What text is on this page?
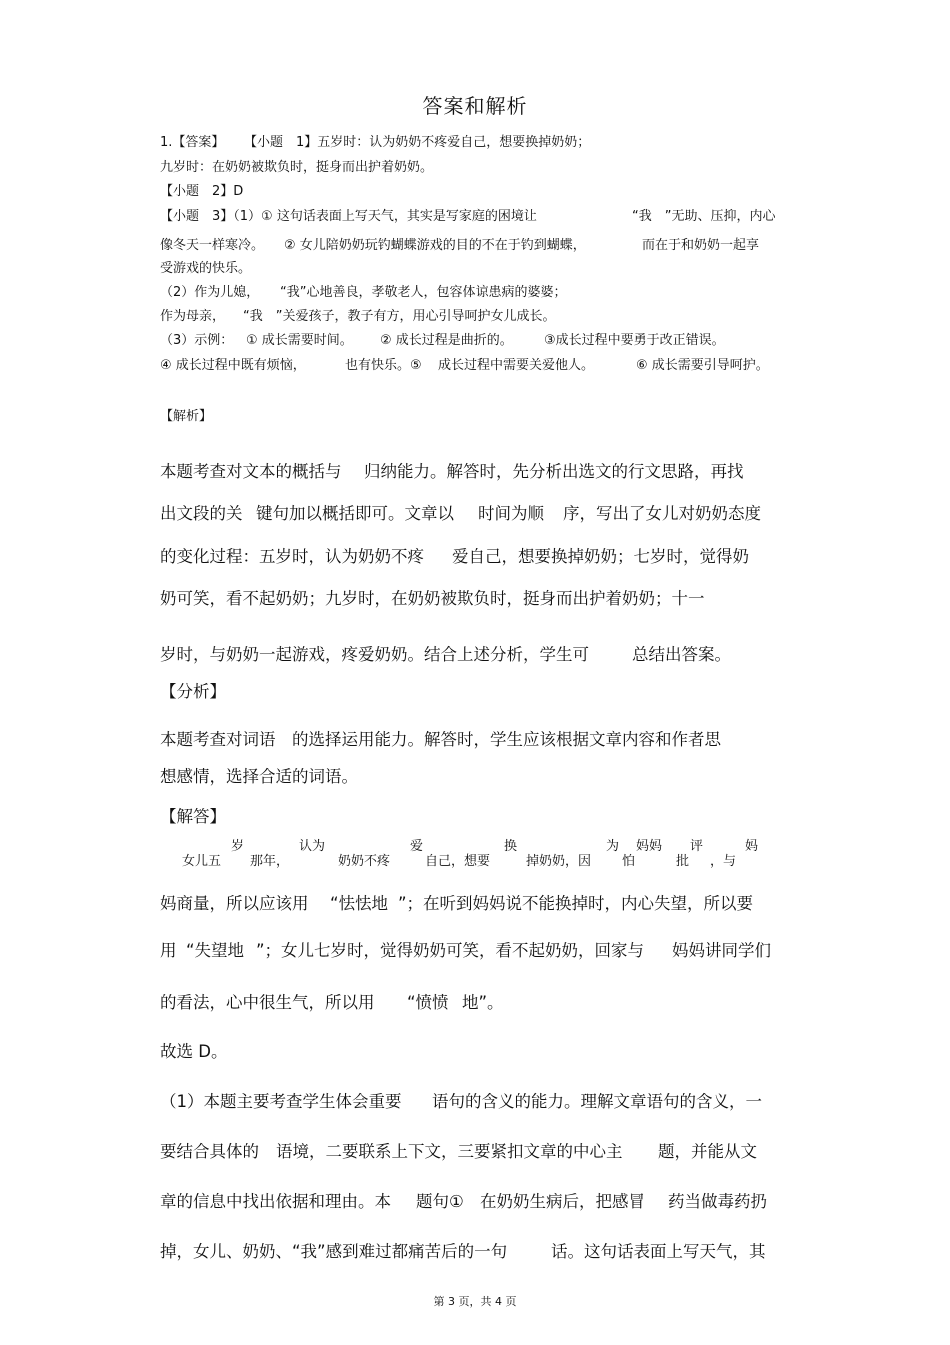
答案和解析
1.【答案】 【小题　1】五岁时：认为奶奶不疼爱自己，想要换掉奶奶；
九岁时：在奶奶被欺负时，挺身而出护着奶奶。
【小题　2】D
【小题　3】（1）① 这句话表面上写天气，其实是写家庭的困境让	“我　”无助、压抑，内心
像冬天一样寒冷。 ② 女儿陪奶奶玩钓蝴蝶游戏的目的不在于钓到蝴蝶，	而在于和奶奶一起享
受游戏的快乐。
（2）作为儿媳， “我”心地善良，孝敬老人，包容体谅患病的婆婆；
作为母亲， “我　”关爱孩子，教子有方，用心引导呵护女儿成长。
（3）示例： ① 成长需要时间。 ② 成长过程是曲折的。 ③成长过程中要勇于改正错误。
④ 成长过程中既有烦恼，	也有快乐。⑤ 成长过程中需要关爱他人。	⑥ 成长需要引导呵护。
【解析】
本题考查对文本的概括与 归纳能力。解答时，先分析出选文的行文思路，再找
出文段的关 键句加以概括即可。文章以 时间为顺 序，写出了女儿对奶奶态度
的变化过程：五岁时，认为奶奶不疼 爱自己，想要换掉奶奶；七岁时，觉得奶
奶可笑，看不起奶奶；九岁时，在奶奶被欺负时，挺身而出护着奶奶；十一
岁时，与奶奶一起游戏，疼爱奶奶。结合上述分析，学生可	总结出答案。
【分析】
本题考查对词语 的选择运用能力。解答时，学生应该根据文章内容和作者思
想感情，选择合适的词语。
【解答】
女儿五 那年，	奶奶不疼	自己，想要	掉奶奶，因 怕	批 ，与
岁	认为	爱	换	为 妈妈 评	妈
妈商量，所以应该用 “怯怯地 ”；在听到妈妈说不能换掉时，内心失望，所以要
用 “失望地 ”；女儿七岁时，觉得奶奶可笑，看不起奶奶，回家与 妈妈讲同学们
的看法，心中很生气，所以用 “愤愤 地”。
故选 D。
（1）本题主要考查学生体会重要 语句的含义的能力。理解文章语句的含义，一
要结合具体的 语境，二要联系上下文，三要紧扣文章的中心主 题，并能从文
章的信息中找出依据和理由。本 题句① 在奶奶生病后，把感冒 药当做毒药扔
掉，女儿、奶奶、“我”感到难过都痛苦后的一句	话。这句话表面上写天气，其
第 3 页，共 4 页
